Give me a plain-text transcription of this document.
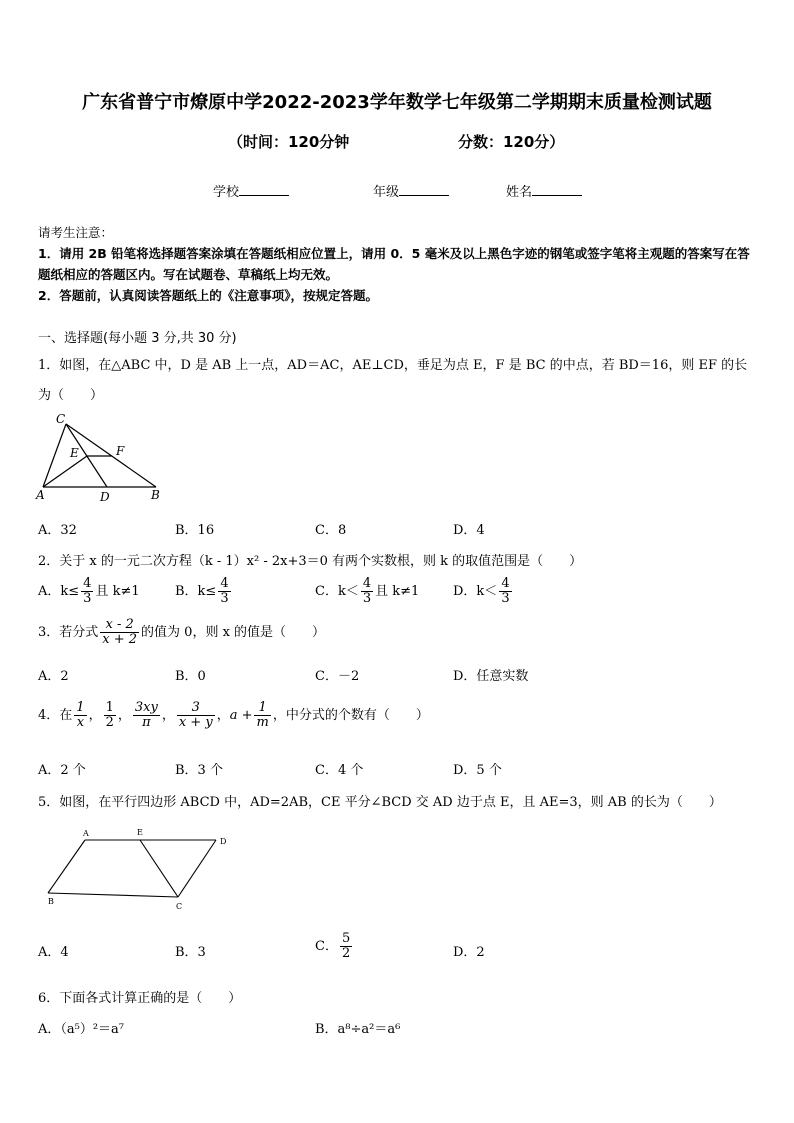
广东省普宁市燎原中学2022-2023学年数学七年级第二学期期末质量检测试题
（时间：120分钟	分数：120分）
学校	年级	姓名
请考生注意：
1．请用 2B 铅笔将选择题答案涂填在答题纸相应位置上，请用 0．5 毫米及以上黑色字迹的钢笔或签字笔将主观题的答案写在答题纸相应的答题区内。写在试题卷、草稿纸上均无效。
2．答题前，认真阅读答题纸上的《注意事项》，按规定答题。
一、选择题(每小题 3 分,共 30 分)
1．如图，在△ABC 中，D 是 AB 上一点，AD＝AC，AE⊥CD，垂足为点 E，F 是 BC 的中点，若 BD＝16，则 EF 的长
为（　　）
C
E	F
A	D	B
A．32	B．16	C．8	D．4
2．关于 x 的一元二次方程（k - 1）x² - 2x+3＝0 有两个实数根，则 k 的取值范围是（　　）
A．$k\le \frac{4}{3}$ 且 k≠1	B．$k\le \frac{4}{3}$	C．$k< \frac{4}{3}$ 且 k≠1	D．$k< \frac{4}{3}$
3．若分式 $\frac{x - 2}{x + 2}$ 的值为 0，则 x 的值是（　　）
A．2	B．0	C．－2	D．任意实数
4．在 $\frac{1}{x}$ ， $\frac{1}{2}$ ， $\frac{3xy}{\pi}$ ， $\frac{3}{x + y}$ ，$a + \frac{1}{m}$ ，中分式的个数有（　　）
A．2 个	B．3 个	C．4 个	D．5 个
5．如图，在平行四边形 ABCD 中，AD=2AB，CE 平分∠BCD 交 AD 边于点 E，且 AE=3，则 AB 的长为（　　）
A	E
D
B
C
A．4	B．3	C． $\frac{5}{2}$	D．2
6．下面各式计算正确的是（　　）
A．（a⁵）²＝a⁷	B．a⁸÷a²＝a⁶
